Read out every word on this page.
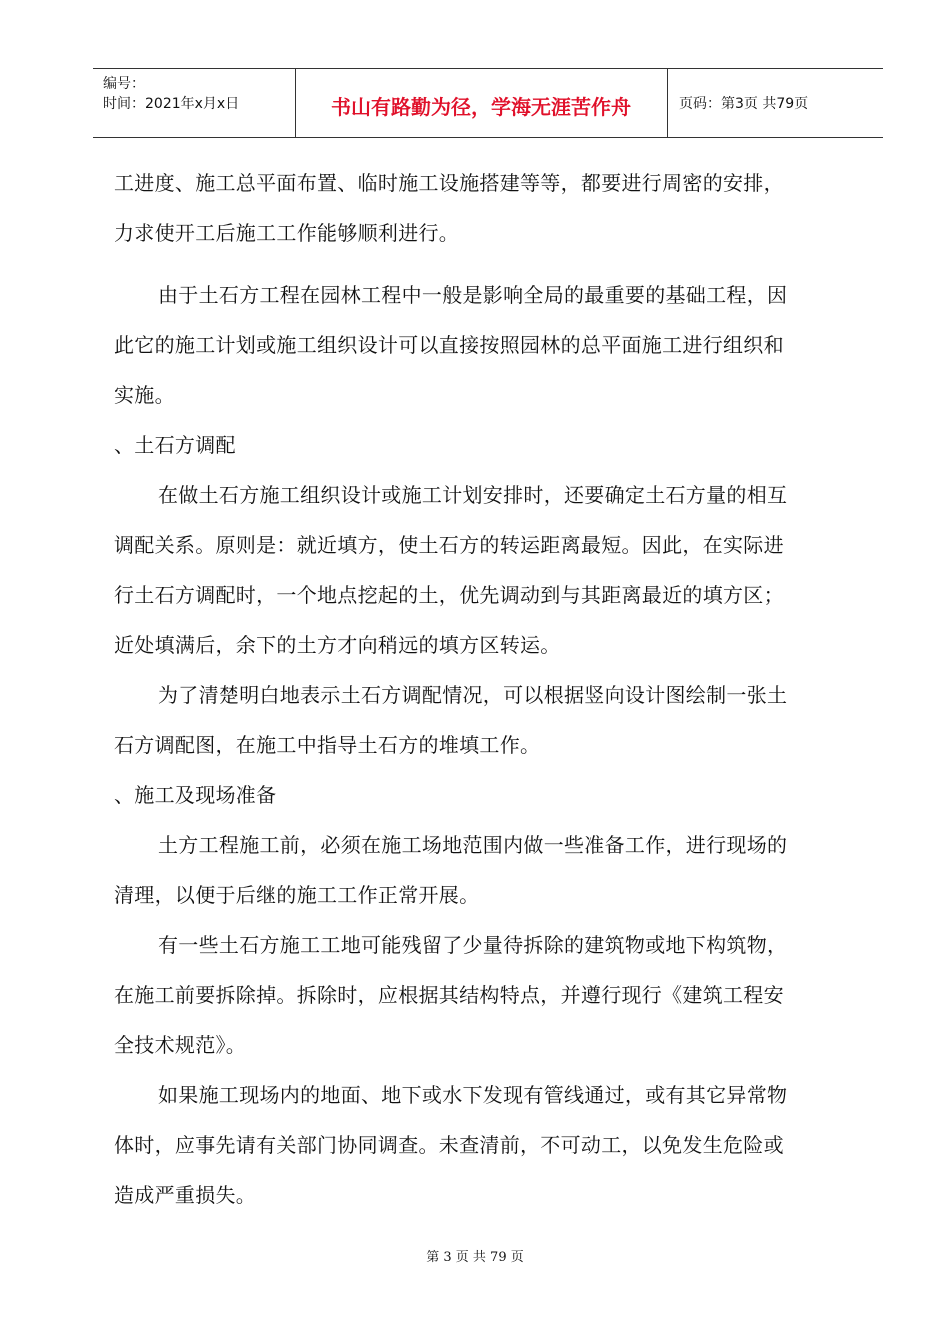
编号：
时间：2021年x月x日	书山有路勤为径，学海无涯苦作舟	页码：第3页 共79页
工进度、施工总平面布置、临时施工设施搭建等等，都要进行周密的安排，
力求使开工后施工工作能够顺利进行。
由于土石方工程在园林工程中一般是影响全局的最重要的基础工程，因
此它的施工计划或施工组织设计可以直接按照园林的总平面施工进行组织和
实施。
、土石方调配
在做土石方施工组织设计或施工计划安排时，还要确定土石方量的相互
调配关系。原则是：就近填方，使土石方的转运距离最短。因此，在实际进
行土石方调配时，一个地点挖起的土，优先调动到与其距离最近的填方区；
近处填满后，余下的土方才向稍远的填方区转运。
为了清楚明白地表示土石方调配情况，可以根据竖向设计图绘制一张土
石方调配图，在施工中指导土石方的堆填工作。
、施工及现场准备
土方工程施工前，必须在施工场地范围内做一些准备工作，进行现场的
清理，以便于后继的施工工作正常开展。
有一些土石方施工工地可能残留了少量待拆除的建筑物或地下构筑物，
在施工前要拆除掉。拆除时，应根据其结构特点，并遵行现行《建筑工程安
全技术规范》。
如果施工现场内的地面、地下或水下发现有管线通过，或有其它异常物
体时，应事先请有关部门协同调查。未查清前，不可动工，以免发生危险或
造成严重损失。
第 3 页 共 79 页
